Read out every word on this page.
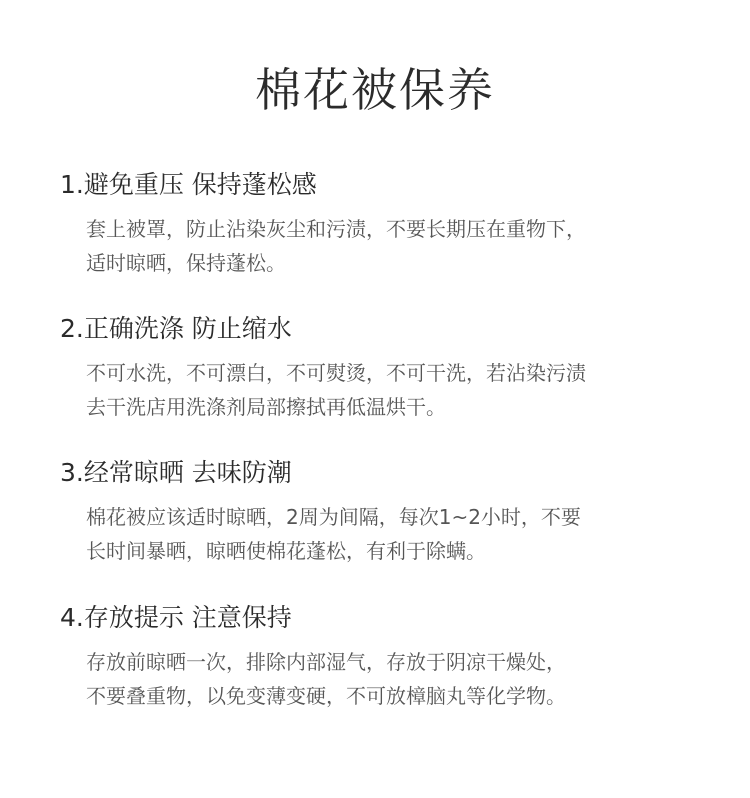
棉花被保养
1.避免重压 保持蓬松感
套上被罩，防止沾染灰尘和污渍，不要长期压在重物下，
适时晾晒，保持蓬松。
2.正确洗涤 防止缩水
不可水洗，不可漂白，不可熨烫，不可干洗，若沾染污渍
去干洗店用洗涤剂局部擦拭再低温烘干。
3.经常晾晒 去味防潮
棉花被应该适时晾晒，2周为间隔，每次1~2小时，不要
长时间暴晒，晾晒使棉花蓬松，有利于除螨。
4.存放提示 注意保持
存放前晾晒一次，排除内部湿气，存放于阴凉干燥处，
不要叠重物，以免变薄变硬，不可放樟脑丸等化学物。
